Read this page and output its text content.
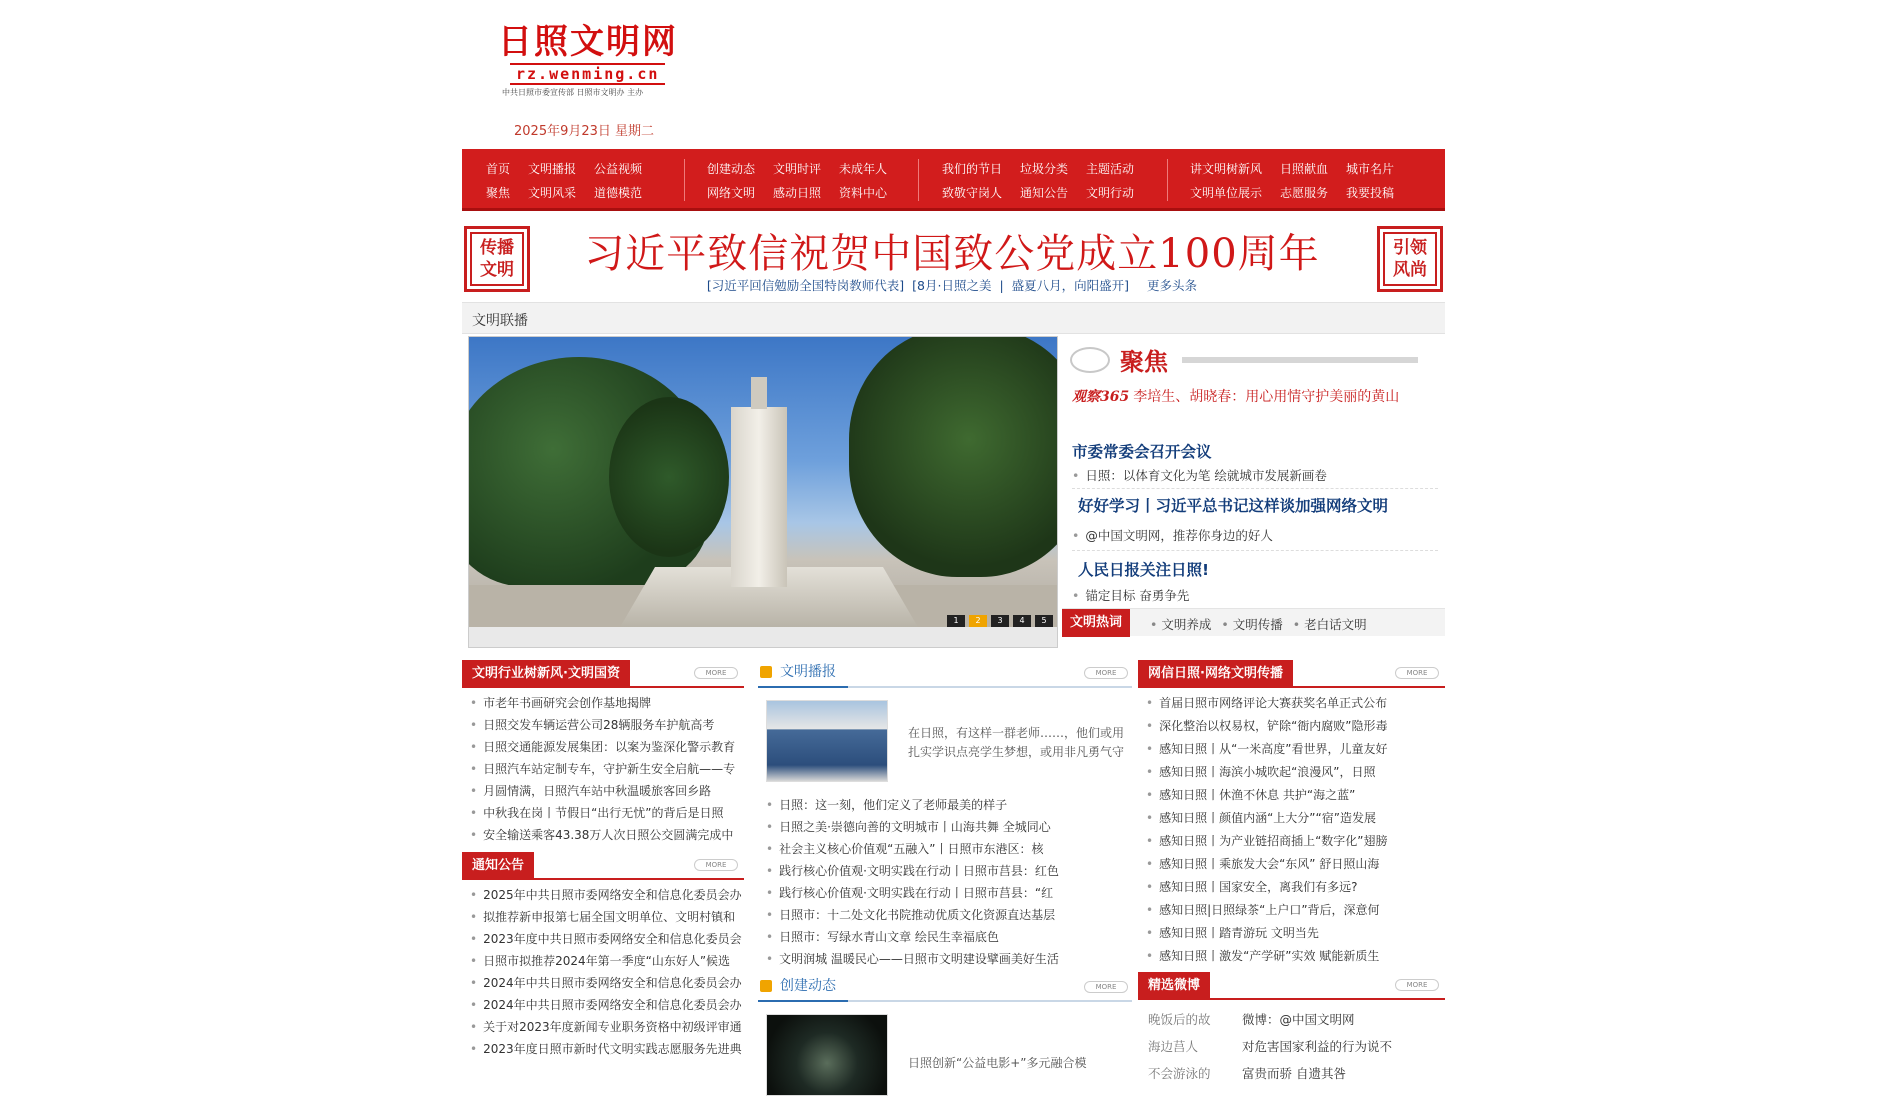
日照文明网
rz.wenming.cn
中共日照市委宣传部 日照市文明办 主办
2025年9月23日 星期二
首页
聚焦
文明播报
文明风采
公益视频
道德模范
创建动态
网络文明
文明时评
感动日照
未成年人
资料中心
我们的节日
致敬守岗人
垃圾分类
通知公告
主题活动
文明行动
讲文明树新风
文明单位展示
日照献血
志愿服务
城市名片
我要投稿
传播
文明	习近平致信祝贺中国致公党成立100周年
[习近平回信勉励全国特岗教师代表] [8月·日照之美 | 盛夏八月，向阳盛开] 更多头条
引领
风尚
文明联播
1	2	3	4	5
聚焦
观察365 李培生、胡晓春：用心用情守护美丽的黄山
市委常委会召开会议
• 日照：以体育文化为笔 绘就城市发展新画卷
好好学习丨习近平总书记这样谈加强网络文明
• @中国文明网，推荐你身边的好人
人民日报关注日照!
• 锚定目标 奋勇争先
文明热词	• 文明养成 • 文明传播 • 老白话文明
文明行业树新风·文明国资	MORE
• 市老年书画研究会创作基地揭牌
• 日照交发车辆运营公司28辆服务车护航高考
• 日照交通能源发展集团：以案为鉴深化警示教育
• 日照汽车站定制专车，守护新生安全启航——专
• 月圆情满，日照汽车站中秋温暖旅客回乡路
• 中秋我在岗丨节假日“出行无忧”的背后是日照
• 安全输送乘客43.38万人次日照公交圆满完成中
通知公告	MORE
• 2025年中共日照市委网络安全和信息化委员会办
• 拟推荐新申报第七届全国文明单位、文明村镇和
• 2023年度中共日照市委网络安全和信息化委员会
• 日照市拟推荐2024年第一季度“山东好人”候选
• 2024年中共日照市委网络安全和信息化委员会办
• 2024年中共日照市委网络安全和信息化委员会办
• 关于对2023年度新闻专业职务资格中初级评审通
• 2023年度日照市新时代文明实践志愿服务先进典
文明播报	MORE
在日照，有这样一群老师……，他们或用扎实学识点亮学生梦想，或用非凡勇气守
• 日照：这一刻，他们定义了老师最美的样子
• 日照之美·崇德向善的文明城市丨山海共舞 全城同心
• 社会主义核心价值观“五融入”丨日照市东港区：核
• 践行核心价值观·文明实践在行动丨日照市莒县：红色
• 践行核心价值观·文明实践在行动丨日照市莒县：“红
• 日照市：十二处文化书院推动优质文化资源直达基层
• 日照市：写绿水青山文章 绘民生幸福底色
• 文明润城 温暖民心——日照市文明建设擘画美好生活
创建动态	MORE
日照创新“公益电影+”多元融合模
网信日照·网络文明传播	MORE
• 首届日照市网络评论大赛获奖名单正式公布
• 深化整治以权易权，铲除“衙内腐败”隐形毒
• 感知日照丨从“一米高度”看世界，儿童友好
• 感知日照丨海滨小城吹起“浪漫风”，日照
• 感知日照丨休渔不休息 共护“海之蓝”
• 感知日照丨颜值内涵“上大分”“宿”造发展
• 感知日照丨为产业链招商插上“数字化”翅膀
• 感知日照丨乘旅发大会“东风” 舒日照山海
• 感知日照丨国家安全，离我们有多远?
• 感知日照|日照绿茶“上户口”背后，深意何
• 感知日照丨踏青游玩 文明当先
• 感知日照丨激发“产学研”实效 赋能新质生
精选微博	MORE
晚饭后的故	微博：@中国文明网
海边莒人	对危害国家利益的行为说不
不会游泳的	富贵而骄 自遗其咎
